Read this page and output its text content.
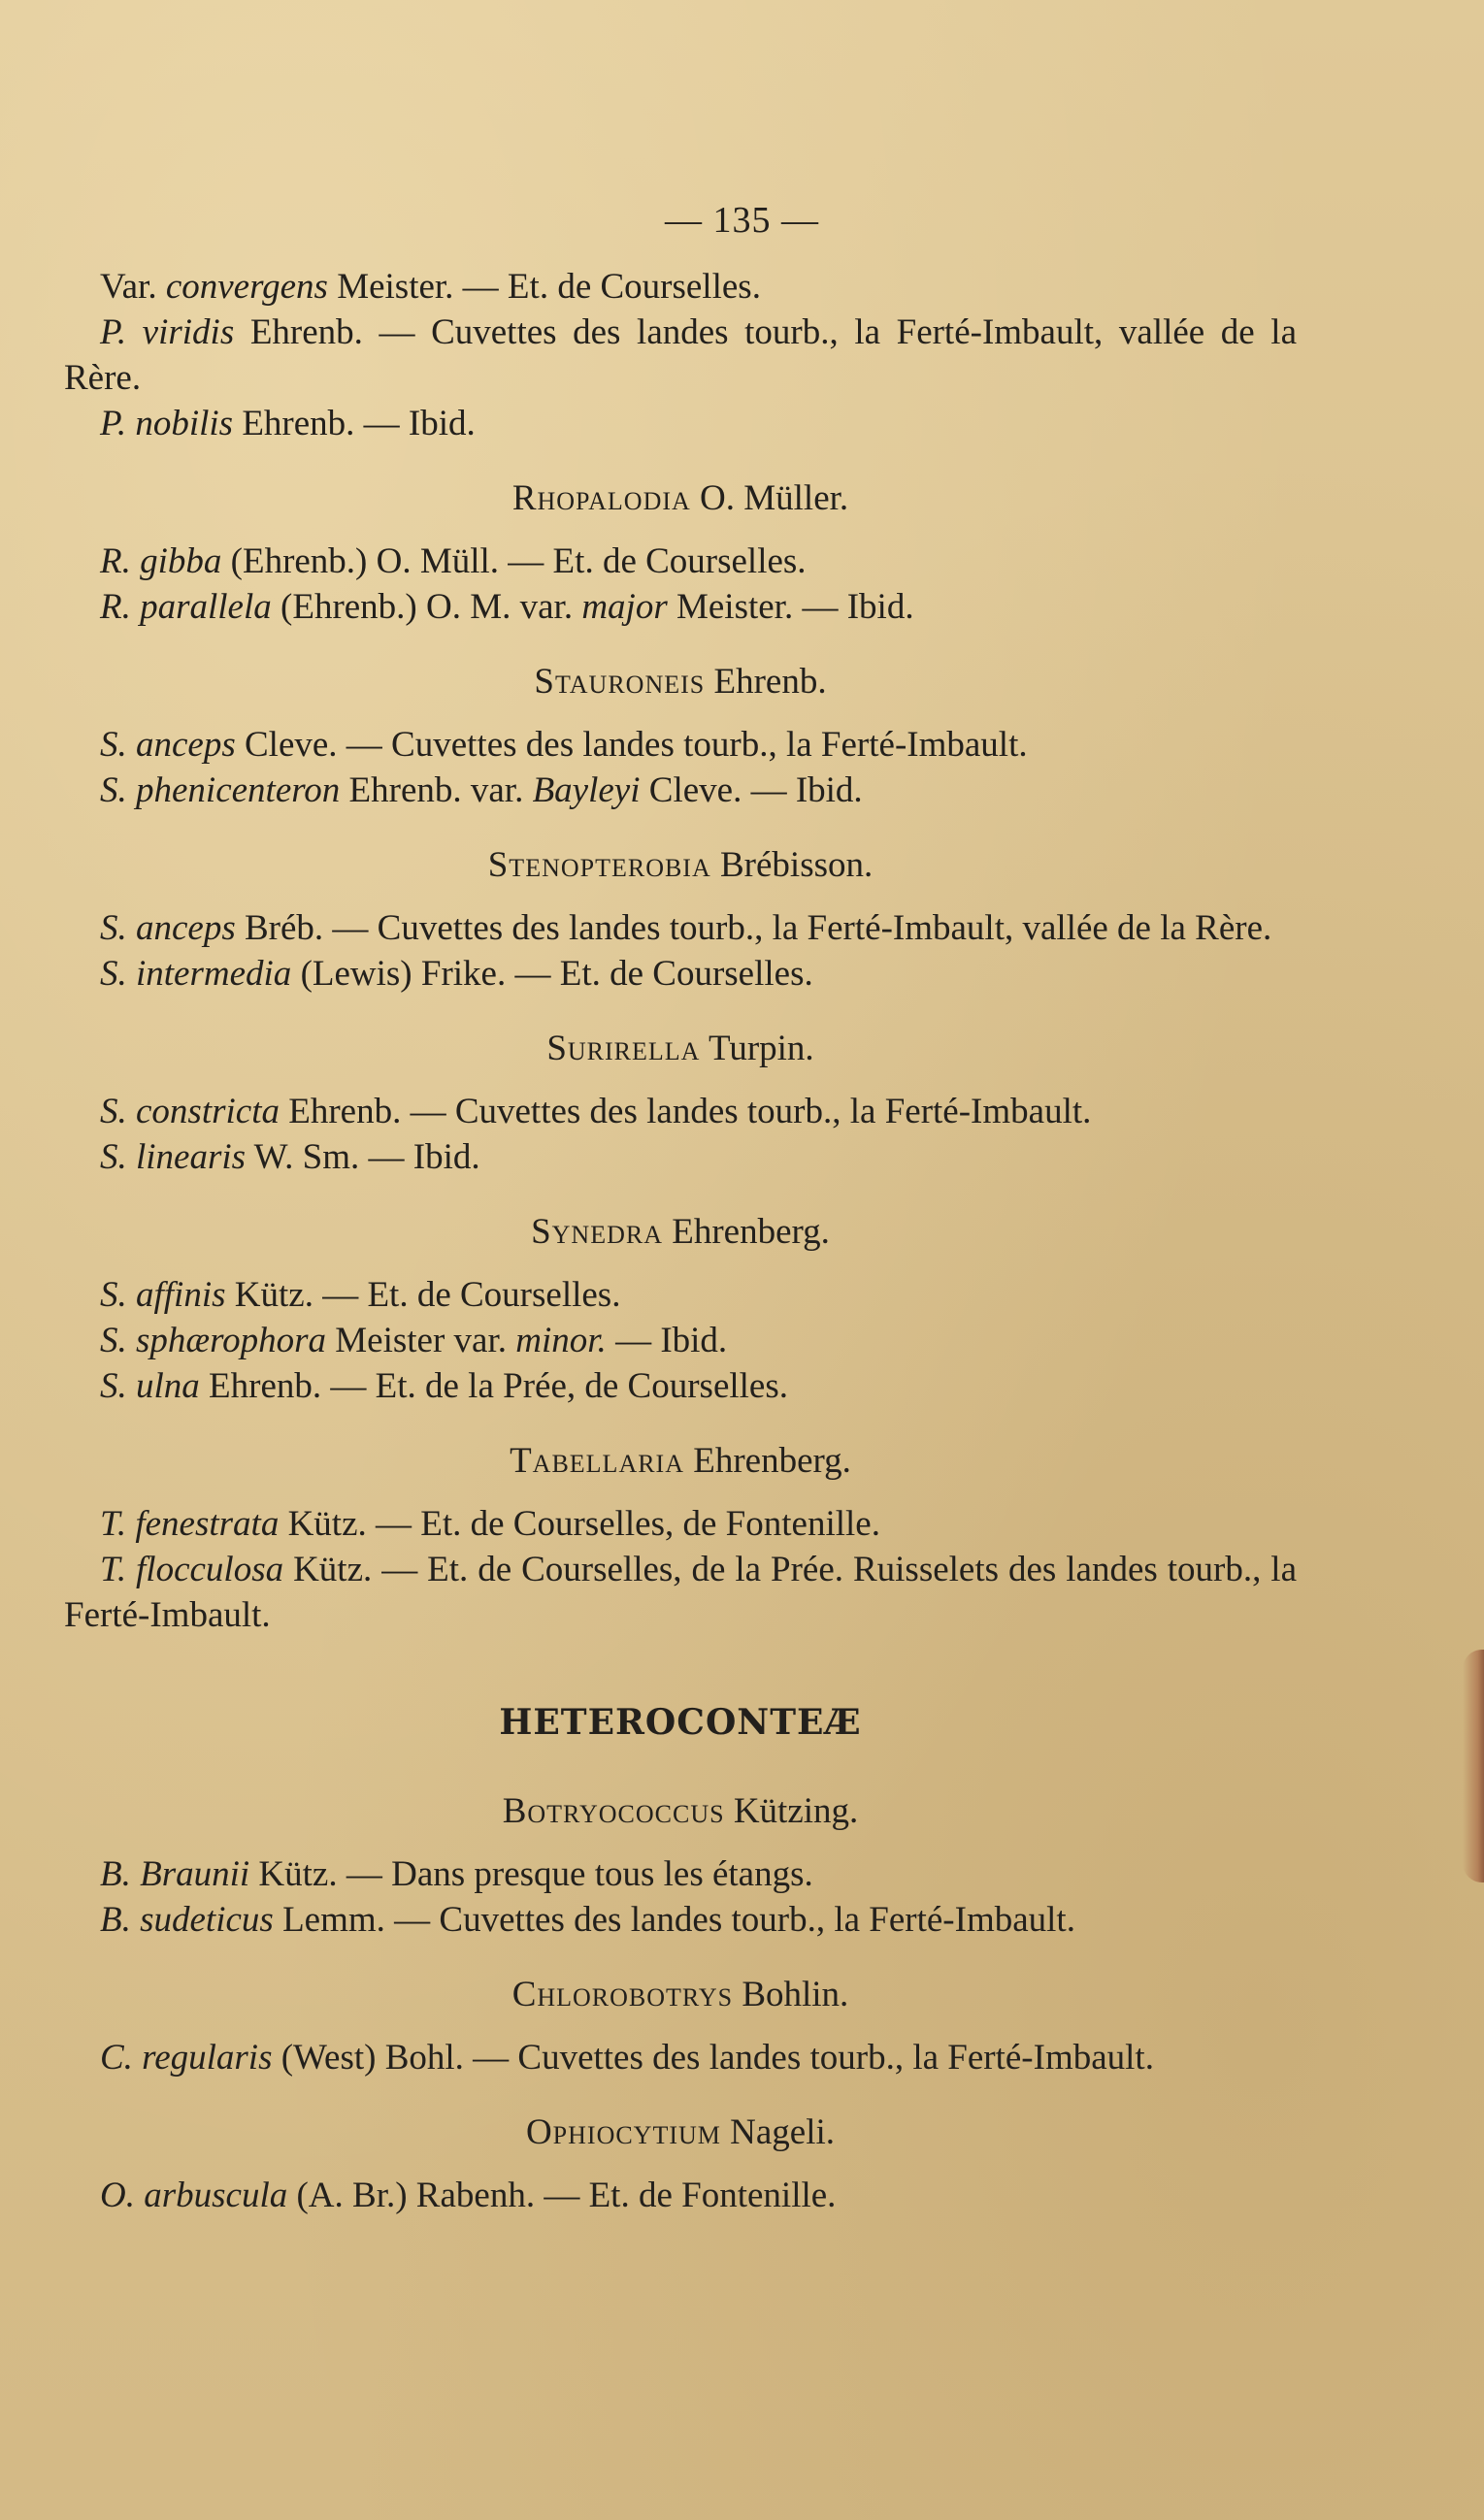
— 135 —

Var. convergens Meister. — Et. de Courselles.

P. viridis Ehrenb. — Cuvettes des landes tourb., la Ferté-Imbault, vallée de la Rère.

P. nobilis Ehrenb. — Ibid.

Rhopalodia O. Müller.

R. gibba (Ehrenb.) O. Müll. — Et. de Courselles.

R. parallela (Ehrenb.) O. M. var. major Meister. — Ibid.

Stauroneis Ehrenb.

S. anceps Cleve. — Cuvettes des landes tourb., la Ferté-Imbault.

S. phenicenteron Ehrenb. var. Bayleyi Cleve. — Ibid.

Stenopterobia Brébisson.

S. anceps Bréb. — Cuvettes des landes tourb., la Ferté-Imbault, vallée de la Rère.

S. intermedia (Lewis) Frike. — Et. de Courselles.

Surirella Turpin.

S. constricta Ehrenb. — Cuvettes des landes tourb., la Ferté-Imbault.

S. linearis W. Sm. — Ibid.

Synedra Ehrenberg.

S. affinis Kütz. — Et. de Courselles.

S. sphærophora Meister var. minor. — Ibid.

S. ulna Ehrenb. — Et. de la Prée, de Courselles.

Tabellaria Ehrenberg.

T. fenestrata Kütz. — Et. de Courselles, de Fontenille.

T. flocculosa Kütz. — Et. de Courselles, de la Prée. Ruisselets des landes tourb., la Ferté-Imbault.

HETEROCONTEÆ
Botryococcus Kützing.

B. Braunii Kütz. — Dans presque tous les étangs.

B. sudeticus Lemm. — Cuvettes des landes tourb., la Ferté-Imbault.

Chlorobotrys Bohlin.

C. regularis (West) Bohl. — Cuvettes des landes tourb., la Ferté-Imbault.

Ophiocytium Nageli.

O. arbuscula (A. Br.) Rabenh. — Et. de Fontenille.
